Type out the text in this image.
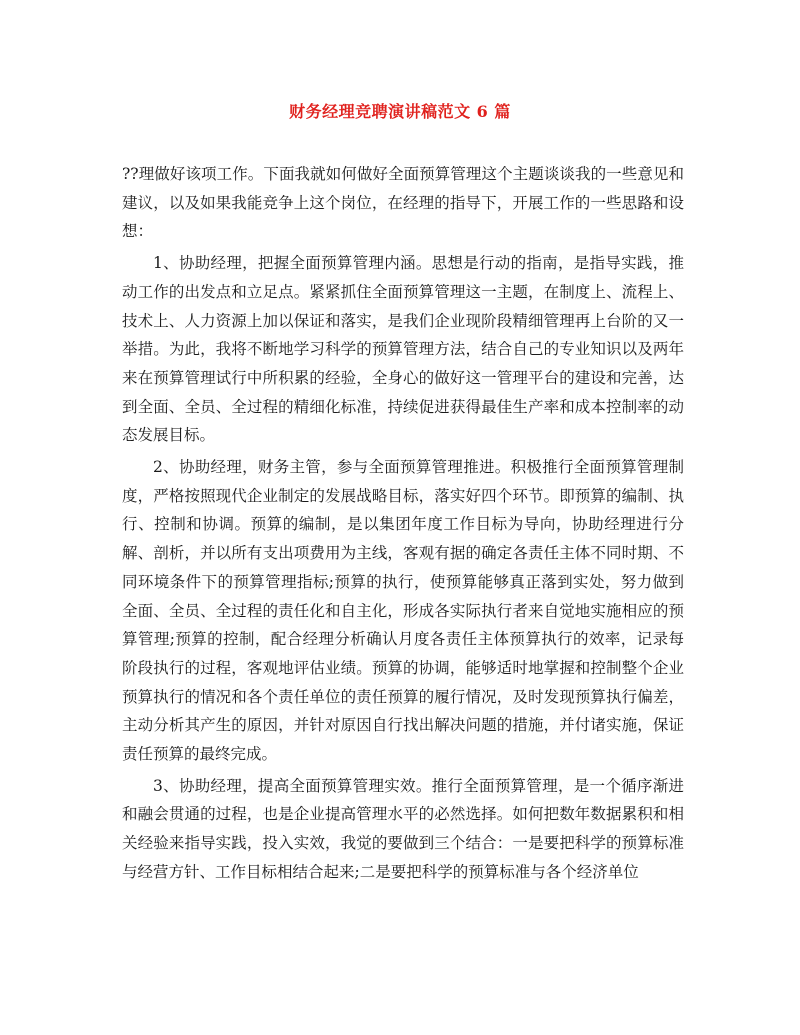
财务经理竞聘演讲稿范文 6 篇

??理做好该项工作。下面我就如何做好全面预算管理这个主题谈谈我的一些意见和建议，以及如果我能竞争上这个岗位，在经理的指导下，开展工作的一些思路和设想：

1、协助经理，把握全面预算管理内涵。思想是行动的指南，是指导实践，推动工作的出发点和立足点。紧紧抓住全面预算管理这一主题，在制度上、流程上、技术上、人力资源上加以保证和落实，是我们企业现阶段精细管理再上台阶的又一举措。为此，我将不断地学习科学的预算管理方法，结合自己的专业知识以及两年来在预算管理试行中所积累的经验，全身心的做好这一管理平台的建设和完善，达到全面、全员、全过程的精细化标准，持续促进获得最佳生产率和成本控制率的动态发展目标。

2、协助经理，财务主管，参与全面预算管理推进。积极推行全面预算管理制度，严格按照现代企业制定的发展战略目标，落实好四个环节。即预算的编制、执行、控制和协调。预算的编制，是以集团年度工作目标为导向，协助经理进行分解、剖析，并以所有支出项费用为主线，客观有据的确定各责任主体不同时期、不同环境条件下的预算管理指标;预算的执行，使预算能够真正落到实处，努力做到全面、全员、全过程的责任化和自主化，形成各实际执行者来自觉地实施相应的预算管理;预算的控制，配合经理分析确认月度各责任主体预算执行的效率，记录每阶段执行的过程，客观地评估业绩。预算的协调，能够适时地掌握和控制整个企业预算执行的情况和各个责任单位的责任预算的履行情况，及时发现预算执行偏差，主动分析其产生的原因，并针对原因自行找出解决问题的措施，并付诸实施，保证责任预算的最终完成。

3、协助经理，提高全面预算管理实效。推行全面预算管理，是一个循序渐进和融会贯通的过程，也是企业提高管理水平的必然选择。如何把数年数据累积和相关经验来指导实践，投入实效，我觉的要做到三个结合：一是要把科学的预算标准与经营方针、工作目标相结合起来;二是要把科学的预算标准与各个经济单位
